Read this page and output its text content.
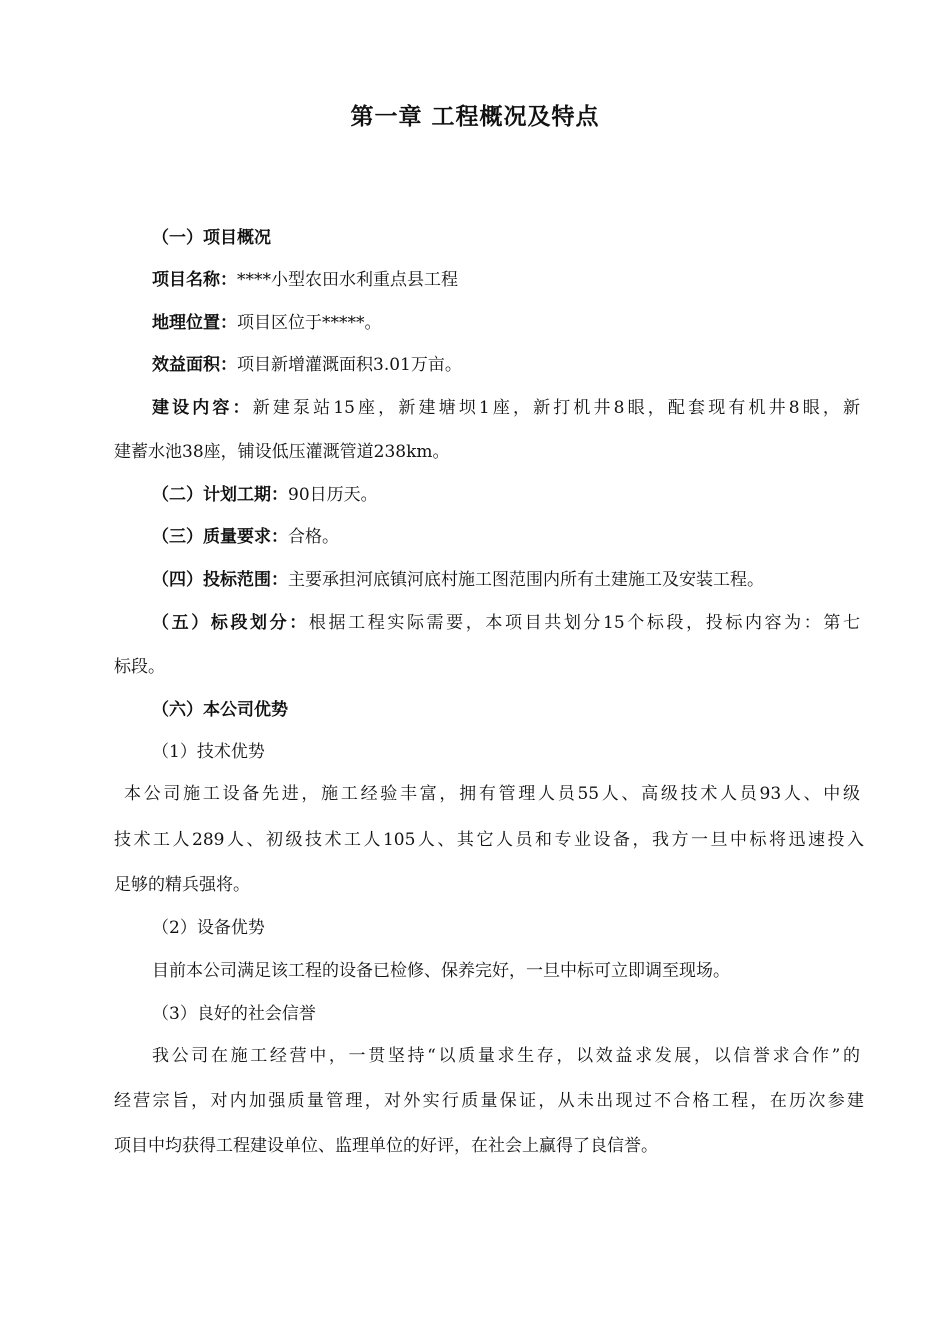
第一章 工程概况及特点
（一）项目概况
项目名称：****小型农田水利重点县工程
地理位置：项目区位于*****。
效益面积：项目新增灌溉面积3.01万亩。
建设内容：新建泵站15座，新建塘坝1座，新打机井8眼，配套现有机井8眼，新
建蓄水池38座，铺设低压灌溉管道238km。
（二）计划工期：90日历天。
（三）质量要求：合格。
（四）投标范围：主要承担河底镇河底村施工图范围内所有土建施工及安装工程。
（五）标段划分：根据工程实际需要，本项目共划分15个标段，投标内容为：第七
标段。
（六）本公司优势
（1）技术优势
本公司施工设备先进，施工经验丰富，拥有管理人员55人、高级技术人员93人、中级
技术工人289人、初级技术工人105人、其它人员和专业设备，我方一旦中标将迅速投入
足够的精兵强将。
（2）设备优势
目前本公司满足该工程的设备已检修、保养完好，一旦中标可立即调至现场。
（3）良好的社会信誉
我公司在施工经营中，一贯坚持“以质量求生存，以效益求发展，以信誉求合作”的
经营宗旨，对内加强质量管理，对外实行质量保证，从未出现过不合格工程，在历次参建
项目中均获得工程建设单位、监理单位的好评，在社会上赢得了良信誉。
